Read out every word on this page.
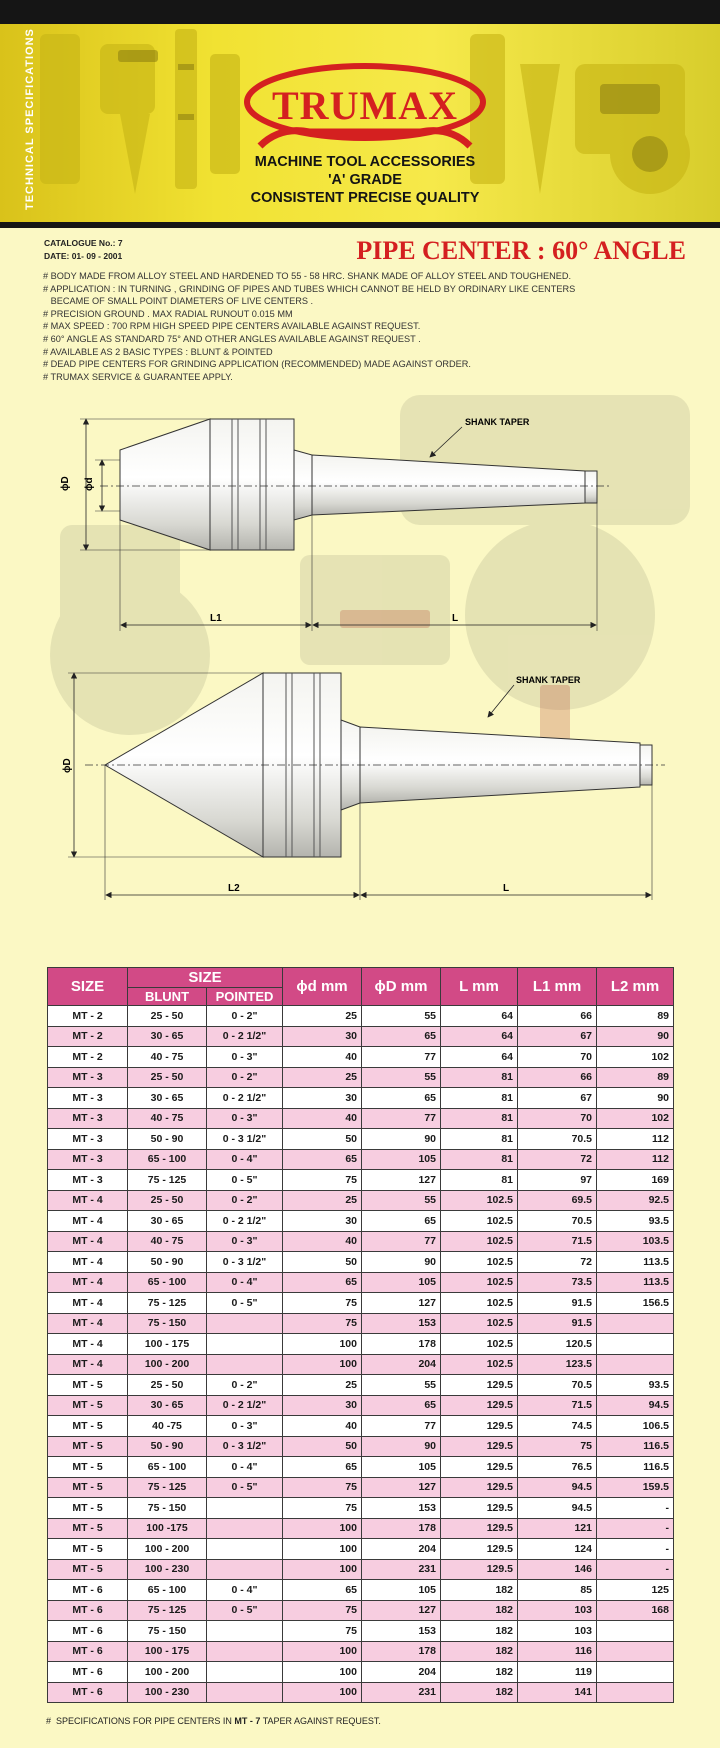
TRUMAX
MACHINE TOOL ACCESSORIES
'A' GRADE
CONSISTENT PRECISE QUALITY
TECHNICAL SPECIFICATIONS
CATALOGUE No.: 7
DATE: 01- 09 - 2001	PIPE CENTER : 60° ANGLE
# BODY MADE FROM ALLOY STEEL AND HARDENED TO 55 - 58 HRC. SHANK MADE OF ALLOY STEEL AND TOUGHENED.
# APPLICATION : IN TURNING , GRINDING OF PIPES AND TUBES WHICH CANNOT BE HELD BY ORDINARY LIKE CENTERS
BECAME OF SMALL POINT DIAMETERS OF LIVE CENTERS .
# PRECISION GROUND . MAX RADIAL RUNOUT 0.015 MM
# MAX SPEED : 700 RPM HIGH SPEED PIPE CENTERS AVAILABLE AGAINST REQUEST.
# 60° ANGLE AS STANDARD 75° AND OTHER ANGLES AVAILABLE AGAINST REQUEST .
# AVAILABLE AS 2 BASIC TYPES : BLUNT & POINTED
# DEAD PIPE CENTERS FOR GRINDING APPLICATION (RECOMMENDED) MADE AGAINST ORDER.
# TRUMAX SERVICE & GUARANTEE APPLY.
ϕD ϕd
L1	L
SHANK TAPER
ϕD
L2	L
SHANK TAPER
SIZE	SIZE		ϕd mm	ϕD mm	L mm	L1 mm	L2 mm
	BLUNT	POINTED					
MT - 2	25 - 50	0 - 2"	25	55	64	66	89
MT - 2	30 - 65	0 - 2 1/2"	30	65	64	67	90
MT - 2	40 - 75	0 - 3"	40	77	64	70	102
MT - 3	25 - 50	0 - 2"	25	55	81	66	89
MT - 3	30 - 65	0 - 2 1/2"	30	65	81	67	90
MT - 3	40 - 75	0 - 3"	40	77	81	70	102
MT - 3	50 - 90	0 - 3 1/2"	50	90	81	70.5	112
MT - 3	65 - 100	0 - 4"	65	105	81	72	112
MT - 3	75 - 125	0 - 5"	75	127	81	97	169
MT - 4	25 - 50	0 - 2"	25	55	102.5	69.5	92.5
MT - 4	30 - 65	0 - 2 1/2"	30	65	102.5	70.5	93.5
MT - 4	40 - 75	0 - 3"	40	77	102.5	71.5	103.5
MT - 4	50 - 90	0 - 3 1/2"	50	90	102.5	72	113.5
MT - 4	65 - 100	0 - 4"	65	105	102.5	73.5	113.5
MT - 4	75 - 125	0 - 5"	75	127	102.5	91.5	156.5
MT - 4	75 - 150		75	153	102.5	91.5	
MT - 4	100 - 175		100	178	102.5	120.5	
MT - 4	100 - 200		100	204	102.5	123.5	
MT - 5	25 - 50	0 - 2"	25	55	129.5	70.5	93.5
MT - 5	30 - 65	0 - 2 1/2"	30	65	129.5	71.5	94.5
MT - 5	40 -75	0 - 3"	40	77	129.5	74.5	106.5
MT - 5	50 - 90	0 - 3 1/2"	50	90	129.5	75	116.5
MT - 5	65 - 100	0 - 4"	65	105	129.5	76.5	116.5
MT - 5	75 - 125	0 - 5"	75	127	129.5	94.5	159.5
MT - 5	75 - 150		75	153	129.5	94.5	-
MT - 5	100 -175		100	178	129.5	121	-
MT - 5	100 - 200		100	204	129.5	124	-
MT - 5	100 - 230		100	231	129.5	146	-
MT - 6	65 - 100	0 - 4"	65	105	182	85	125
MT - 6	75 - 125	0 - 5"	75	127	182	103	168
MT - 6	75 - 150		75	153	182	103	
MT - 6	100 - 175		100	178	182	116	
MT - 6	100 - 200		100	204	182	119	
MT - 6	100 - 230		100	231	182	141	
#  SPECIFICATIONS FOR PIPE CENTERS IN MT - 7 TAPER AGAINST REQUEST.
